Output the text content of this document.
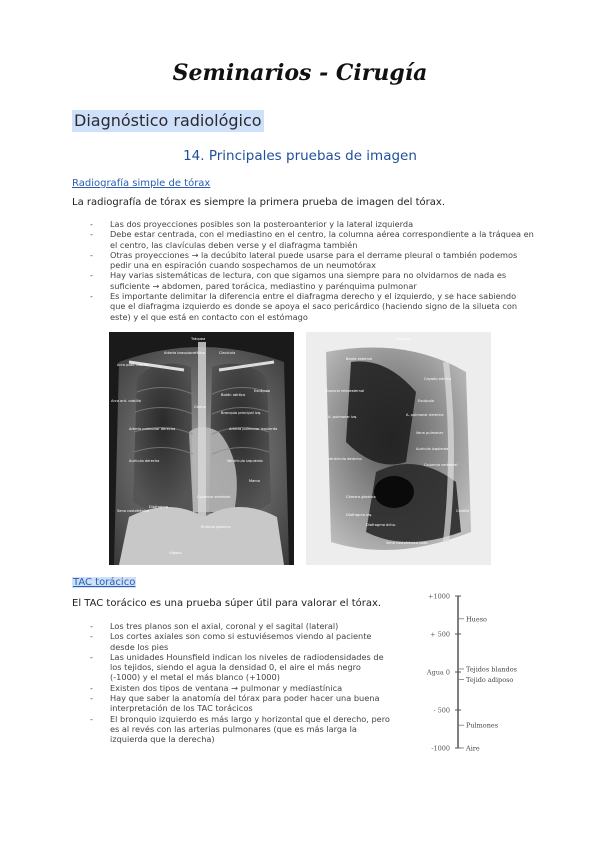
Seminarios - Cirugía
Diagnóstico radiológico
14. Principales pruebas de imagen
Radiografía simple de tórax
La radiografía de tórax es siempre la primera prueba de imagen del tórax.
- Las dos proyecciones posibles son la posteroanterior y la lateral izquierda
- Debe estar centrada, con el mediastino en el centro, la columna aérea correspondiente a la tráquea en el centro, las clavículas deben verse y el diafragma también
- Otras proyecciones → la decúbito lateral puede usarse para el derrame pleural o también podemos pedir una en espiración cuando sospechamos de un neumotórax
- Hay varias sistemáticas de lectura, con que sigamos una siempre para no olvidarnos de nada es suficiente → abdomen, pared torácica, mediastino y parénquima pulmonar
- Es importante delimitar la diferencia entre el diafragma derecho y el izquierdo, y se hace sabiendo que el diafragma izquierdo es donde se apoya el saco pericárdico (haciendo signo de la silueta con este) y el que está en contacto con el estómago
Tráquea
Arteria braquiocefálica	Clavícula
Arco post. costilla
Arco ant. costilla
Carina
Bronquio principal izq.
Botón aórtico
Arteria pulmonar derecha	Arteria pulmonar izquierda
Aurícula derecha	Ventrículo izquierdo
Columna vertebral
Diafragma
Seno costofrénico
Burbuja gástrica
Hígado
Escápula
Mama
Tráquea
Borde esternal
Espacio retroesternal
Cayado aórtico
Escápula
A. pulmonar derecha
A. pulmonar izq.
Vena pulmonar
Aurícula izquierda
Ventrículo derecho
Columna vertebral
Cámara gástrica
Diafragma izq.
Diafragma dcho.
Seno costofrénico post.
Costilla
TAC torácico
El TAC torácico es una prueba súper útil para valorar el tórax.
- Los tres planos son el axial, coronal y el sagital (lateral)
- Los cortes axiales son como si estuviésemos viendo al paciente desde los pies
- Las unidades Hounsfield indican los niveles de radiodensidades de los tejidos, siendo el agua la densidad 0, el aire el más negro (-1000) y el metal el más blanco (+1000)
- Existen dos tipos de ventana → pulmonar y mediastínica
- Hay que saber la anatomía del tórax para poder hacer una buena interpretación de los TAC torácicos
- El bronquio izquierdo es más largo y horizontal que el derecho, pero es al revés con las arterias pulmonares (que es más larga la izquierda que la derecha)
+1000
+ 500
Agua 0
- 500
-1000
Hueso
Tejidos blandos
Tejido adiposo
Pulmones
Aire
